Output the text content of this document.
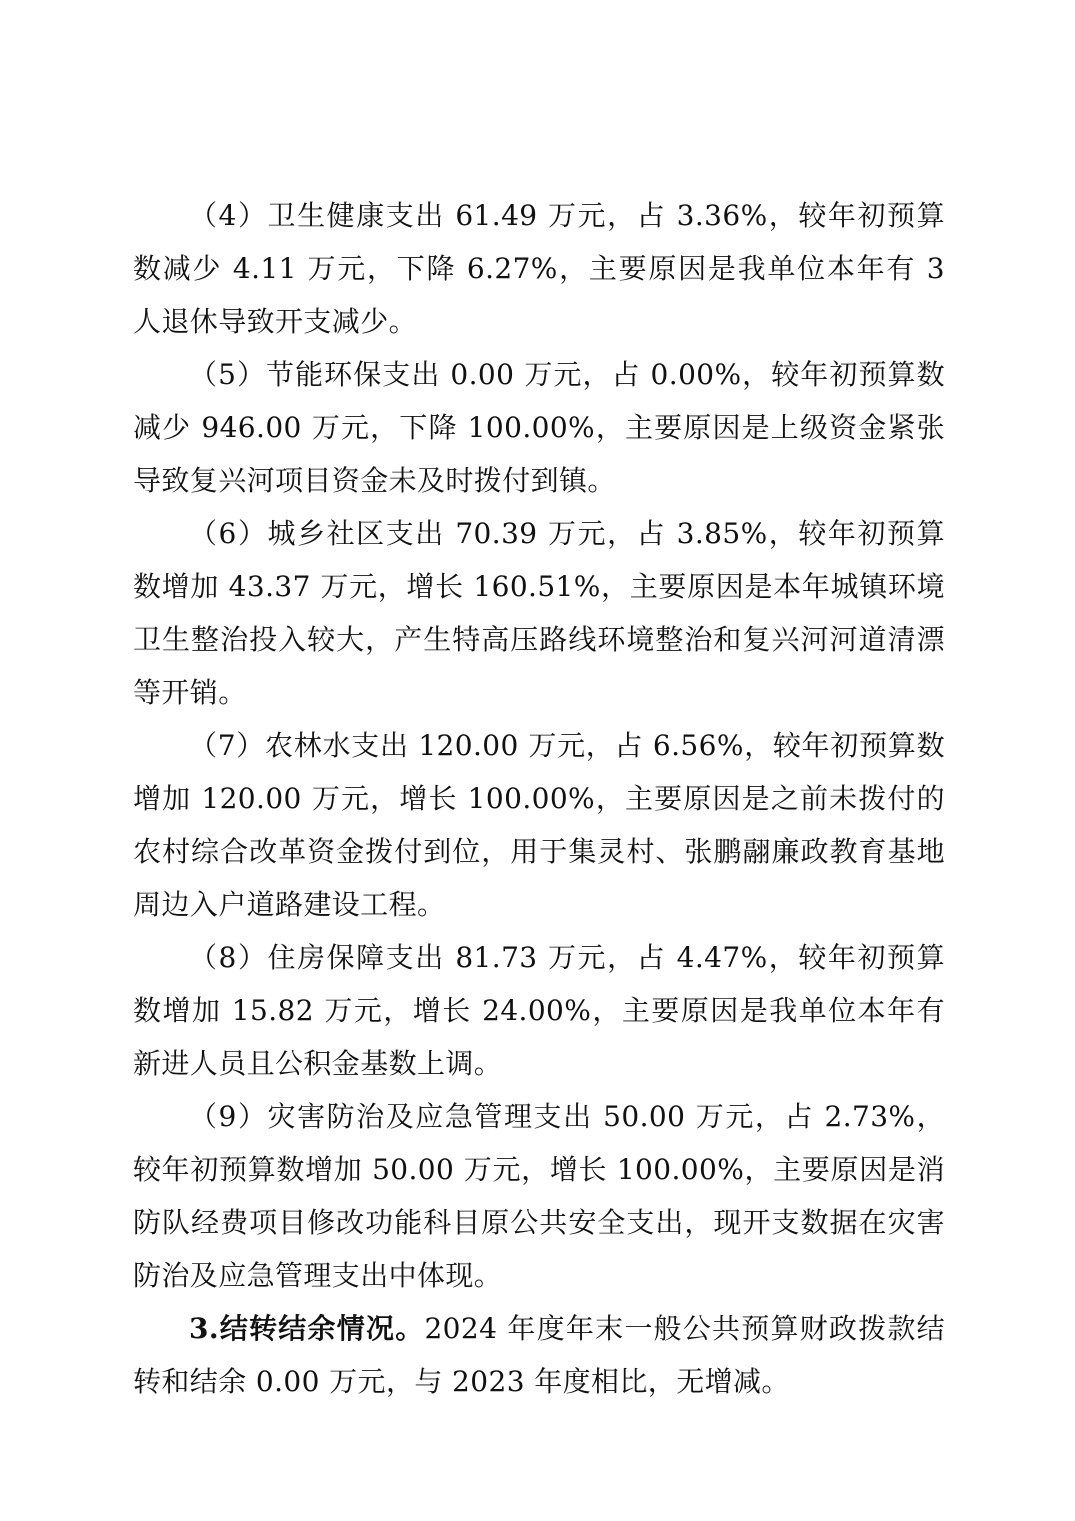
（4）卫生健康支出 61.49 万元，占 3.36%，较年初预算数减少 4.11 万元，下降 6.27%，主要原因是我单位本年有 3 人退休导致开支减少。

（5）节能环保支出 0.00 万元，占 0.00%，较年初预算数减少 946.00 万元，下降 100.00%，主要原因是上级资金紧张导致复兴河项目资金未及时拨付到镇。

（6）城乡社区支出 70.39 万元，占 3.85%，较年初预算数增加 43.37 万元，增长 160.51%，主要原因是本年城镇环境卫生整治投入较大，产生特高压路线环境整治和复兴河河道清漂等开销。

（7）农林水支出 120.00 万元，占 6.56%，较年初预算数增加 120.00 万元，增长 100.00%，主要原因是之前未拨付的农村综合改革资金拨付到位，用于集灵村、张鹏翮廉政教育基地周边入户道路建设工程。

（8）住房保障支出 81.73 万元，占 4.47%，较年初预算数增加 15.82 万元，增长 24.00%，主要原因是我单位本年有新进人员且公积金基数上调。

（9）灾害防治及应急管理支出 50.00 万元，占 2.73%，较年初预算数增加 50.00 万元，增长 100.00%，主要原因是消防队经费项目修改功能科目原公共安全支出，现开支数据在灾害防治及应急管理支出中体现。

3.结转结余情况。2024 年度年末一般公共预算财政拨款结转和结余 0.00 万元，与 2023 年度相比，无增减。
